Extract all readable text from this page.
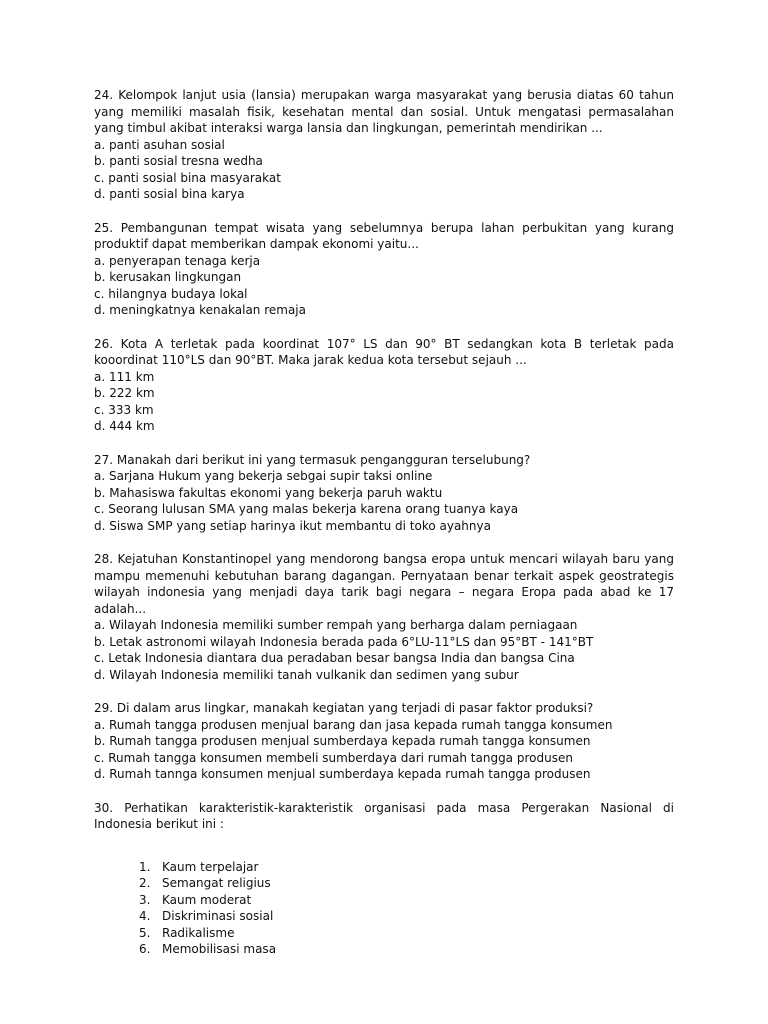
24. Kelompok lanjut usia (lansia) merupakan warga masyarakat yang berusia diatas 60 tahun yang memiliki masalah fisik, kesehatan mental dan sosial. Untuk mengatasi permasalahan yang timbul akibat interaksi warga lansia dan lingkungan, pemerintah mendirikan ...

a. panti asuhan sosial
b. panti sosial tresna wedha
c. panti sosial bina masyarakat
d. panti sosial bina karya

25. Pembangunan tempat wisata yang sebelumnya berupa lahan perbukitan yang kurang produktif dapat memberikan dampak ekonomi yaitu...

a. penyerapan tenaga kerja
b. kerusakan lingkungan
c. hilangnya budaya lokal
d. meningkatnya kenakalan remaja

26. Kota A terletak pada koordinat 107° LS dan 90° BT sedangkan kota B terletak pada kooordinat 110°LS dan 90°BT. Maka jarak kedua kota tersebut sejauh ...

a. 111 km
b. 222 km
c. 333 km
d. 444 km

27. Manakah dari berikut ini yang termasuk pengangguran terselubung?

a. Sarjana Hukum yang bekerja sebgai supir taksi online
b. Mahasiswa fakultas ekonomi yang bekerja paruh waktu
c. Seorang lulusan SMA yang malas bekerja karena orang tuanya kaya
d. Siswa SMP yang setiap harinya ikut membantu di toko ayahnya

28. Kejatuhan Konstantinopel yang mendorong bangsa eropa untuk mencari wilayah baru yang mampu memenuhi kebutuhan barang dagangan. Pernyataan benar terkait aspek geostrategis wilayah indonesia yang menjadi daya tarik bagi negara – negara Eropa pada abad ke 17 adalah...

a. Wilayah Indonesia memiliki sumber rempah yang berharga dalam perniagaan
b. Letak astronomi wilayah Indonesia berada pada 6°LU-11°LS dan 95°BT - 141°BT
c. Letak Indonesia diantara dua peradaban besar bangsa India dan bangsa Cina
d. Wilayah Indonesia memiliki tanah vulkanik dan sedimen yang subur

29. Di dalam arus lingkar, manakah kegiatan yang terjadi di pasar faktor produksi?

a. Rumah tangga produsen menjual barang dan jasa kepada rumah tangga konsumen
b. Rumah tangga produsen menjual sumberdaya kepada rumah tangga konsumen
c. Rumah tangga konsumen membeli sumberdaya dari rumah tangga produsen
d. Rumah tannga konsumen menjual sumberdaya kepada rumah tangga produsen

30. Perhatikan karakteristik-karakteristik organisasi pada masa Pergerakan Nasional di Indonesia berikut ini :

1. Kaum terpelajar
2. Semangat religius
3. Kaum moderat
4. Diskriminasi sosial
5. Radikalisme
6. Memobilisasi masa
